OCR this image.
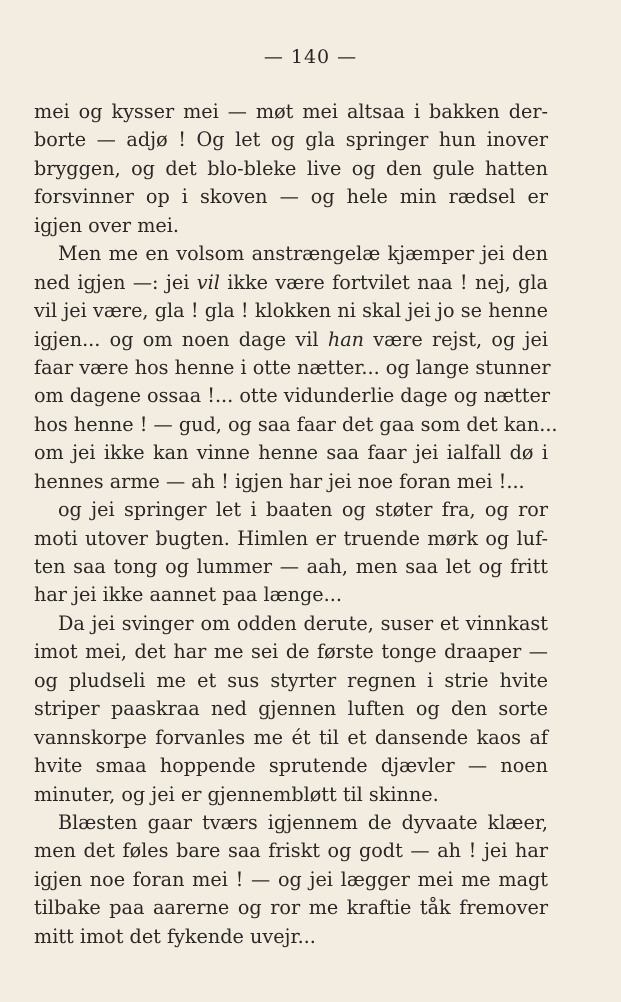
— 140 —
mei og kysser mei — møt mei altsaa i bakken der-
borte — adjø ! Og let og gla springer hun inover
bryggen, og det blo-bleke live og den gule hatten
forsvinner op i skoven — og hele min rædsel er
igjen over mei.
Men me en volsom anstrængelæ kjæmper jei den
ned igjen —: jei vil ikke være fortvilet naa ! nej, gla
vil jei være, gla ! gla ! klokken ni skal jei jo se henne
igjen... og om noen dage vil han være rejst, og jei
faar være hos henne i otte nætter... og lange stunner
om dagene ossaa !... otte vidunderlie dage og nætter
hos henne ! — gud, og saa faar det gaa som det kan...
om jei ikke kan vinne henne saa faar jei ialfall dø i
hennes arme — ah ! igjen har jei noe foran mei !...
og jei springer let i baaten og støter fra, og ror
moti utover bugten. Himlen er truende mørk og luf-
ten saa tong og lummer — aah, men saa let og fritt
har jei ikke aannet paa længe...
Da jei svinger om odden derute, suser et vinnkast
imot mei, det har me sei de første tonge draaper —
og pludseli me et sus styrter regnen i strie hvite
striper paaskraa ned gjennen luften og den sorte
vannskorpe forvanles me ét til et dansende kaos af
hvite smaa hoppende sprutende djævler — noen
minuter, og jei er gjennembløtt til skinne.
Blæsten gaar tværs igjennem de dyvaate klæer,
men det føles bare saa friskt og godt — ah ! jei har
igjen noe foran mei ! — og jei lægger mei me magt
tilbake paa aarerne og ror me kraftie tåk fremover
mitt imot det fykende uvejr...
